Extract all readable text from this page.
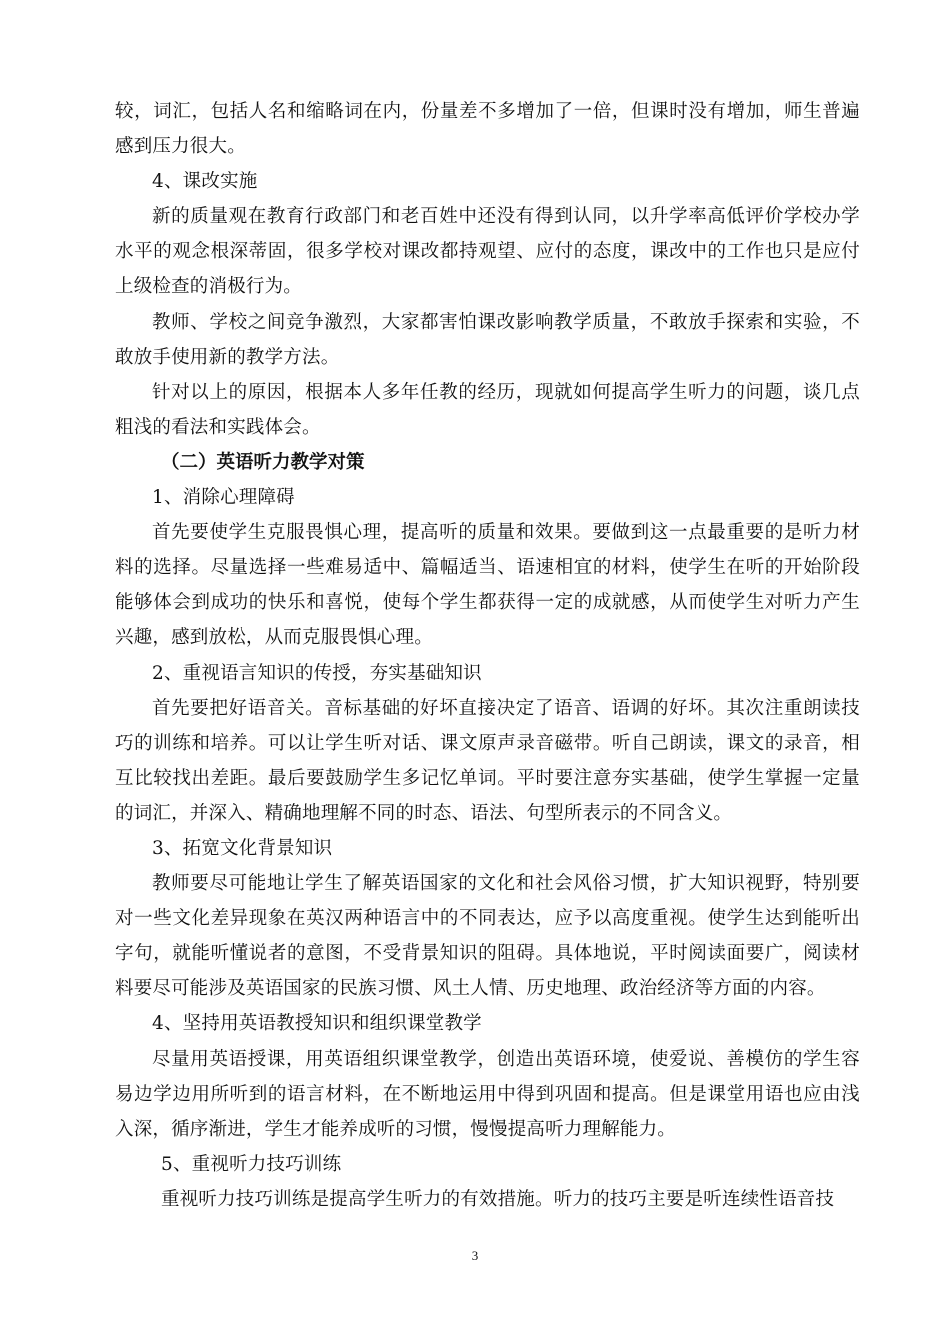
较，词汇，包括人名和缩略词在内，份量差不多增加了一倍，但课时没有增加，师生普遍感到压力很大。

4、课改实施

新的质量观在教育行政部门和老百姓中还没有得到认同，以升学率高低评价学校办学水平的观念根深蒂固，很多学校对课改都持观望、应付的态度，课改中的工作也只是应付上级检查的消极行为。

教师、学校之间竞争激烈，大家都害怕课改影响教学质量，不敢放手探索和实验，不敢放手使用新的教学方法。

针对以上的原因，根据本人多年任教的经历，现就如何提高学生听力的问题，谈几点粗浅的看法和实践体会。

（二）英语听力教学对策

1、消除心理障碍

首先要使学生克服畏惧心理，提高听的质量和效果。要做到这一点最重要的是听力材料的选择。尽量选择一些难易适中、篇幅适当、语速相宜的材料，使学生在听的开始阶段能够体会到成功的快乐和喜悦，使每个学生都获得一定的成就感，从而使学生对听力产生兴趣，感到放松，从而克服畏惧心理。

2、重视语言知识的传授，夯实基础知识

首先要把好语音关。音标基础的好坏直接决定了语音、语调的好坏。其次注重朗读技巧的训练和培养。可以让学生听对话、课文原声录音磁带。听自己朗读，课文的录音，相互比较找出差距。最后要鼓励学生多记忆单词。平时要注意夯实基础，使学生掌握一定量的词汇，并深入、精确地理解不同的时态、语法、句型所表示的不同含义。

3、拓宽文化背景知识

教师要尽可能地让学生了解英语国家的文化和社会风俗习惯，扩大知识视野，特别要对一些文化差异现象在英汉两种语言中的不同表达，应予以高度重视。使学生达到能听出字句，就能听懂说者的意图，不受背景知识的阻碍。具体地说，平时阅读面要广，阅读材料要尽可能涉及英语国家的民族习惯、风土人情、历史地理、政治经济等方面的内容。

4、坚持用英语教授知识和组织课堂教学

尽量用英语授课，用英语组织课堂教学，创造出英语环境，使爱说、善模仿的学生容易边学边用所听到的语言材料，在不断地运用中得到巩固和提高。但是课堂用语也应由浅入深，循序渐进，学生才能养成听的习惯，慢慢提高听力理解能力。

5、重视听力技巧训练

重视听力技巧训练是提高学生听力的有效措施。听力的技巧主要是听连续性语音技

3
